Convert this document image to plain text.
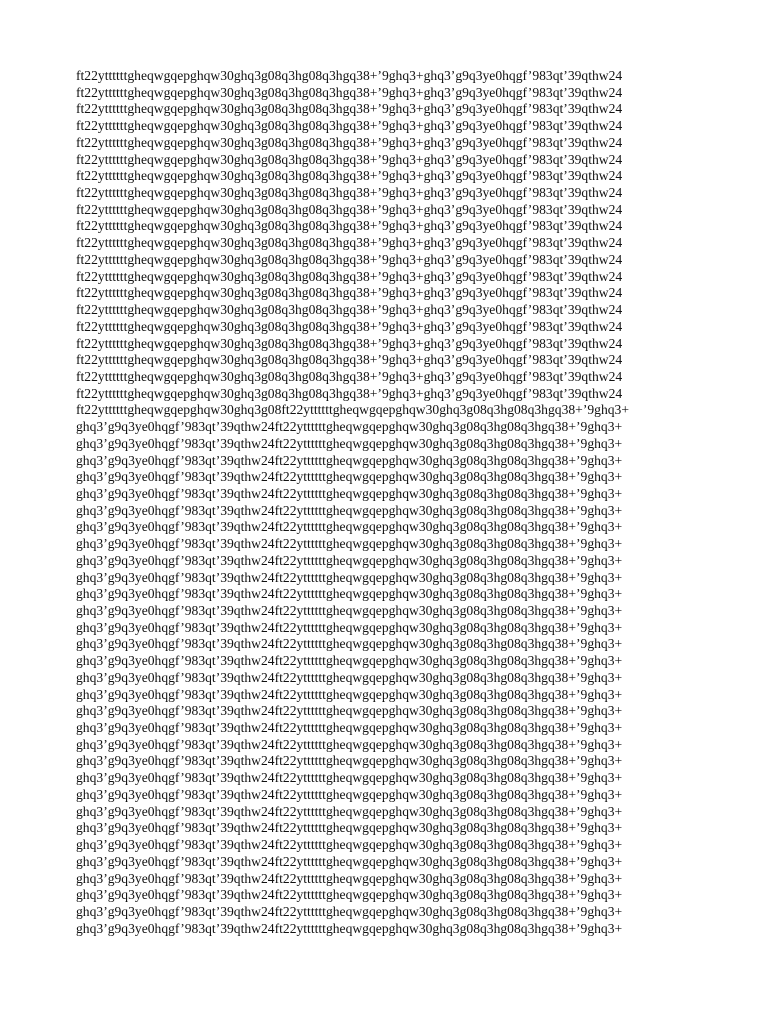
ft22yttttttgheqwgqepghqw30ghq3g08q3hg08q3hgq38+’9ghq3+ghq3’g9q3ye0hqgf’983qt’39qthw24
ft22yttttttgheqwgqepghqw30ghq3g08q3hg08q3hgq38+’9ghq3+ghq3’g9q3ye0hqgf’983qt’39qthw24
ft22yttttttgheqwgqepghqw30ghq3g08q3hg08q3hgq38+’9ghq3+ghq3’g9q3ye0hqgf’983qt’39qthw24
ft22yttttttgheqwgqepghqw30ghq3g08q3hg08q3hgq38+’9ghq3+ghq3’g9q3ye0hqgf’983qt’39qthw24
ft22yttttttgheqwgqepghqw30ghq3g08q3hg08q3hgq38+’9ghq3+ghq3’g9q3ye0hqgf’983qt’39qthw24
ft22yttttttgheqwgqepghqw30ghq3g08q3hg08q3hgq38+’9ghq3+ghq3’g9q3ye0hqgf’983qt’39qthw24
ft22yttttttgheqwgqepghqw30ghq3g08q3hg08q3hgq38+’9ghq3+ghq3’g9q3ye0hqgf’983qt’39qthw24
ft22yttttttgheqwgqepghqw30ghq3g08q3hg08q3hgq38+’9ghq3+ghq3’g9q3ye0hqgf’983qt’39qthw24
ft22yttttttgheqwgqepghqw30ghq3g08q3hg08q3hgq38+’9ghq3+ghq3’g9q3ye0hqgf’983qt’39qthw24
ft22yttttttgheqwgqepghqw30ghq3g08q3hg08q3hgq38+’9ghq3+ghq3’g9q3ye0hqgf’983qt’39qthw24
ft22yttttttgheqwgqepghqw30ghq3g08q3hg08q3hgq38+’9ghq3+ghq3’g9q3ye0hqgf’983qt’39qthw24
ft22yttttttgheqwgqepghqw30ghq3g08q3hg08q3hgq38+’9ghq3+ghq3’g9q3ye0hqgf’983qt’39qthw24
ft22yttttttgheqwgqepghqw30ghq3g08q3hg08q3hgq38+’9ghq3+ghq3’g9q3ye0hqgf’983qt’39qthw24
ft22yttttttgheqwgqepghqw30ghq3g08q3hg08q3hgq38+’9ghq3+ghq3’g9q3ye0hqgf’983qt’39qthw24
ft22yttttttgheqwgqepghqw30ghq3g08q3hg08q3hgq38+’9ghq3+ghq3’g9q3ye0hqgf’983qt’39qthw24
ft22yttttttgheqwgqepghqw30ghq3g08q3hg08q3hgq38+’9ghq3+ghq3’g9q3ye0hqgf’983qt’39qthw24
ft22yttttttgheqwgqepghqw30ghq3g08q3hg08q3hgq38+’9ghq3+ghq3’g9q3ye0hqgf’983qt’39qthw24
ft22yttttttgheqwgqepghqw30ghq3g08q3hg08q3hgq38+’9ghq3+ghq3’g9q3ye0hqgf’983qt’39qthw24
ft22yttttttgheqwgqepghqw30ghq3g08q3hg08q3hgq38+’9ghq3+ghq3’g9q3ye0hqgf’983qt’39qthw24
ft22yttttttgheqwgqepghqw30ghq3g08q3hg08q3hgq38+’9ghq3+ghq3’g9q3ye0hqgf’983qt’39qthw24
ft22yttttttgheqwgqepghqw30ghq3g08ft22yttttttgheqwgqepghqw30ghq3g08q3hg08q3hgq38+’9ghq3+
ghq3’g9q3ye0hqgf’983qt’39qthw24ft22yttttttgheqwgqepghqw30ghq3g08q3hg08q3hgq38+’9ghq3+
ghq3’g9q3ye0hqgf’983qt’39qthw24ft22yttttttgheqwgqepghqw30ghq3g08q3hg08q3hgq38+’9ghq3+
ghq3’g9q3ye0hqgf’983qt’39qthw24ft22yttttttgheqwgqepghqw30ghq3g08q3hg08q3hgq38+’9ghq3+
ghq3’g9q3ye0hqgf’983qt’39qthw24ft22yttttttgheqwgqepghqw30ghq3g08q3hg08q3hgq38+’9ghq3+
ghq3’g9q3ye0hqgf’983qt’39qthw24ft22yttttttgheqwgqepghqw30ghq3g08q3hg08q3hgq38+’9ghq3+
ghq3’g9q3ye0hqgf’983qt’39qthw24ft22yttttttgheqwgqepghqw30ghq3g08q3hg08q3hgq38+’9ghq3+
ghq3’g9q3ye0hqgf’983qt’39qthw24ft22yttttttgheqwgqepghqw30ghq3g08q3hg08q3hgq38+’9ghq3+
ghq3’g9q3ye0hqgf’983qt’39qthw24ft22yttttttgheqwgqepghqw30ghq3g08q3hg08q3hgq38+’9ghq3+
ghq3’g9q3ye0hqgf’983qt’39qthw24ft22yttttttgheqwgqepghqw30ghq3g08q3hg08q3hgq38+’9ghq3+
ghq3’g9q3ye0hqgf’983qt’39qthw24ft22yttttttgheqwgqepghqw30ghq3g08q3hg08q3hgq38+’9ghq3+
ghq3’g9q3ye0hqgf’983qt’39qthw24ft22yttttttgheqwgqepghqw30ghq3g08q3hg08q3hgq38+’9ghq3+
ghq3’g9q3ye0hqgf’983qt’39qthw24ft22yttttttgheqwgqepghqw30ghq3g08q3hg08q3hgq38+’9ghq3+
ghq3’g9q3ye0hqgf’983qt’39qthw24ft22yttttttgheqwgqepghqw30ghq3g08q3hg08q3hgq38+’9ghq3+
ghq3’g9q3ye0hqgf’983qt’39qthw24ft22yttttttgheqwgqepghqw30ghq3g08q3hg08q3hgq38+’9ghq3+
ghq3’g9q3ye0hqgf’983qt’39qthw24ft22yttttttgheqwgqepghqw30ghq3g08q3hg08q3hgq38+’9ghq3+
ghq3’g9q3ye0hqgf’983qt’39qthw24ft22yttttttgheqwgqepghqw30ghq3g08q3hg08q3hgq38+’9ghq3+
ghq3’g9q3ye0hqgf’983qt’39qthw24ft22yttttttgheqwgqepghqw30ghq3g08q3hg08q3hgq38+’9ghq3+
ghq3’g9q3ye0hqgf’983qt’39qthw24ft22yttttttgheqwgqepghqw30ghq3g08q3hg08q3hgq38+’9ghq3+
ghq3’g9q3ye0hqgf’983qt’39qthw24ft22yttttttgheqwgqepghqw30ghq3g08q3hg08q3hgq38+’9ghq3+
ghq3’g9q3ye0hqgf’983qt’39qthw24ft22yttttttgheqwgqepghqw30ghq3g08q3hg08q3hgq38+’9ghq3+
ghq3’g9q3ye0hqgf’983qt’39qthw24ft22yttttttgheqwgqepghqw30ghq3g08q3hg08q3hgq38+’9ghq3+
ghq3’g9q3ye0hqgf’983qt’39qthw24ft22yttttttgheqwgqepghqw30ghq3g08q3hg08q3hgq38+’9ghq3+
ghq3’g9q3ye0hqgf’983qt’39qthw24ft22yttttttgheqwgqepghqw30ghq3g08q3hg08q3hgq38+’9ghq3+
ghq3’g9q3ye0hqgf’983qt’39qthw24ft22yttttttgheqwgqepghqw30ghq3g08q3hg08q3hgq38+’9ghq3+
ghq3’g9q3ye0hqgf’983qt’39qthw24ft22yttttttgheqwgqepghqw30ghq3g08q3hg08q3hgq38+’9ghq3+
ghq3’g9q3ye0hqgf’983qt’39qthw24ft22yttttttgheqwgqepghqw30ghq3g08q3hg08q3hgq38+’9ghq3+
ghq3’g9q3ye0hqgf’983qt’39qthw24ft22yttttttgheqwgqepghqw30ghq3g08q3hg08q3hgq38+’9ghq3+
ghq3’g9q3ye0hqgf’983qt’39qthw24ft22yttttttgheqwgqepghqw30ghq3g08q3hg08q3hgq38+’9ghq3+
ghq3’g9q3ye0hqgf’983qt’39qthw24ft22yttttttgheqwgqepghqw30ghq3g08q3hg08q3hgq38+’9ghq3+
ghq3’g9q3ye0hqgf’983qt’39qthw24ft22yttttttgheqwgqepghqw30ghq3g08q3hg08q3hgq38+’9ghq3+
ghq3’g9q3ye0hqgf’983qt’39qthw24ft22yttttttgheqwgqepghqw30ghq3g08q3hg08q3hgq38+’9ghq3+
